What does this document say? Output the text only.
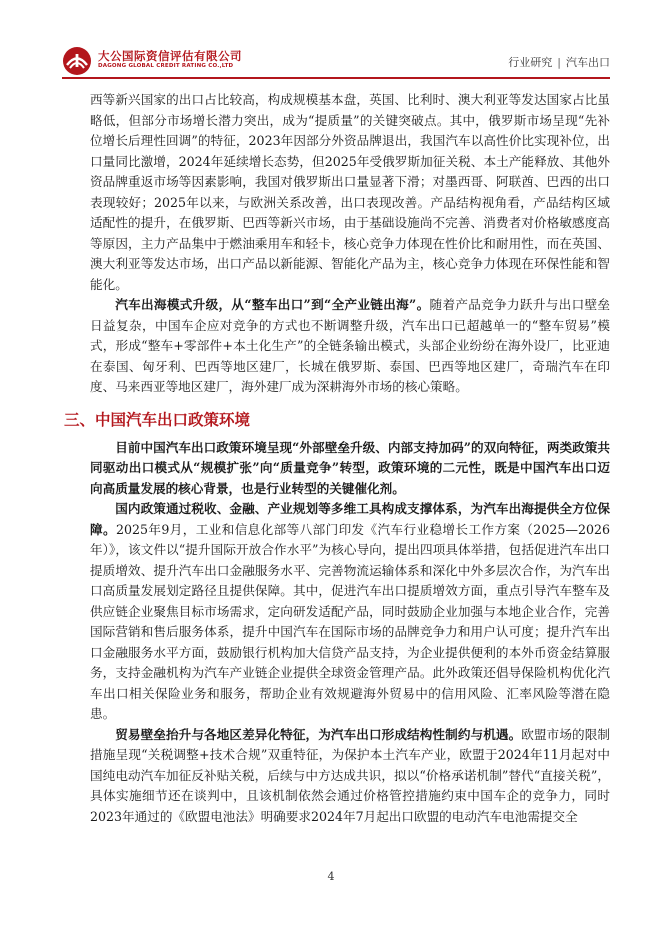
大公国际资信评估有限公司
DAGONG GLOBAL CREDIT RATING CO.,LTD	行业研究 | 汽车出口

西等新兴国家的出口占比较高，构成规模基本盘，英国、比利时、澳大利亚等发达国家占比虽略低，但部分市场增长潜力突出，成为“提质量”的关键突破点。其中，俄罗斯市场呈现“先补位增长后理性回调”的特征，2023年因部分外资品牌退出，我国汽车以高性价比实现补位，出口量同比激增，2024年延续增长态势，但2025年受俄罗斯加征关税、本土产能释放、其他外资品牌重返市场等因素影响，我国对俄罗斯出口量显著下滑；对墨西哥、阿联酋、巴西的出口表现较好；2025年以来，与欧洲关系改善，出口表现改善。产品结构视角看，产品结构区域适配性的提升，在俄罗斯、巴西等新兴市场，由于基础设施尚不完善、消费者对价格敏感度高等原因，主力产品集中于燃油乘用车和轻卡，核心竞争力体现在性价比和耐用性，而在英国、澳大利亚等发达市场，出口产品以新能源、智能化产品为主，核心竞争力体现在环保性能和智能化。

汽车出海模式升级，从“整车出口”到“全产业链出海”。随着产品竞争力跃升与出口壁垒日益复杂，中国车企应对竞争的方式也不断调整升级，汽车出口已超越单一的“整车贸易”模式，形成“整车+零部件+本土化生产”的全链条输出模式，头部企业纷纷在海外设厂，比亚迪在泰国、匈牙利、巴西等地区建厂，长城在俄罗斯、泰国、巴西等地区建厂，奇瑞汽车在印度、马来西亚等地区建厂，海外建厂成为深耕海外市场的核心策略。

三、中国汽车出口政策环境

目前中国汽车出口政策环境呈现“外部壁垒升级、内部支持加码”的双向特征，两类政策共同驱动出口模式从“规模扩张”向“质量竞争”转型，政策环境的二元性，既是中国汽车出口迈向高质量发展的核心背景，也是行业转型的关键催化剂。

国内政策通过税收、金融、产业规划等多维工具构成支撑体系，为汽车出海提供全方位保障。2025年9月，工业和信息化部等八部门印发《汽车行业稳增长工作方案（2025—2026年）》，该文件以“提升国际开放合作水平”为核心导向，提出四项具体举措，包括促进汽车出口提质增效、提升汽车出口金融服务水平、完善物流运输体系和深化中外多层次合作，为汽车出口高质量发展划定路径且提供保障。其中，促进汽车出口提质增效方面，重点引导汽车整车及供应链企业聚焦目标市场需求，定向研发适配产品，同时鼓励企业加强与本地企业合作，完善国际营销和售后服务体系，提升中国汽车在国际市场的品牌竞争力和用户认可度；提升汽车出口金融服务水平方面，鼓励银行机构加大信贷产品支持，为企业提供便利的本外币资金结算服务，支持金融机构为汽车产业链企业提供全球资金管理产品。此外政策还倡导保险机构优化汽车出口相关保险业务和服务，帮助企业有效规避海外贸易中的信用风险、汇率风险等潜在隐患。

贸易壁垒抬升与各地区差异化特征，为汽车出口形成结构性制约与机遇。欧盟市场的限制措施呈现“关税调整+技术合规”双重特征，为保护本土汽车产业，欧盟于2024年11月起对中国纯电动汽车加征反补贴关税，后续与中方达成共识，拟以“价格承诺机制”替代“直接关税”，具体实施细节还在谈判中，且该机制依然会通过价格管控措施约束中国车企的竞争力，同时2023年通过的《欧盟电池法》明确要求2024年7月起出口欧盟的电动汽车电池需提交全

4
